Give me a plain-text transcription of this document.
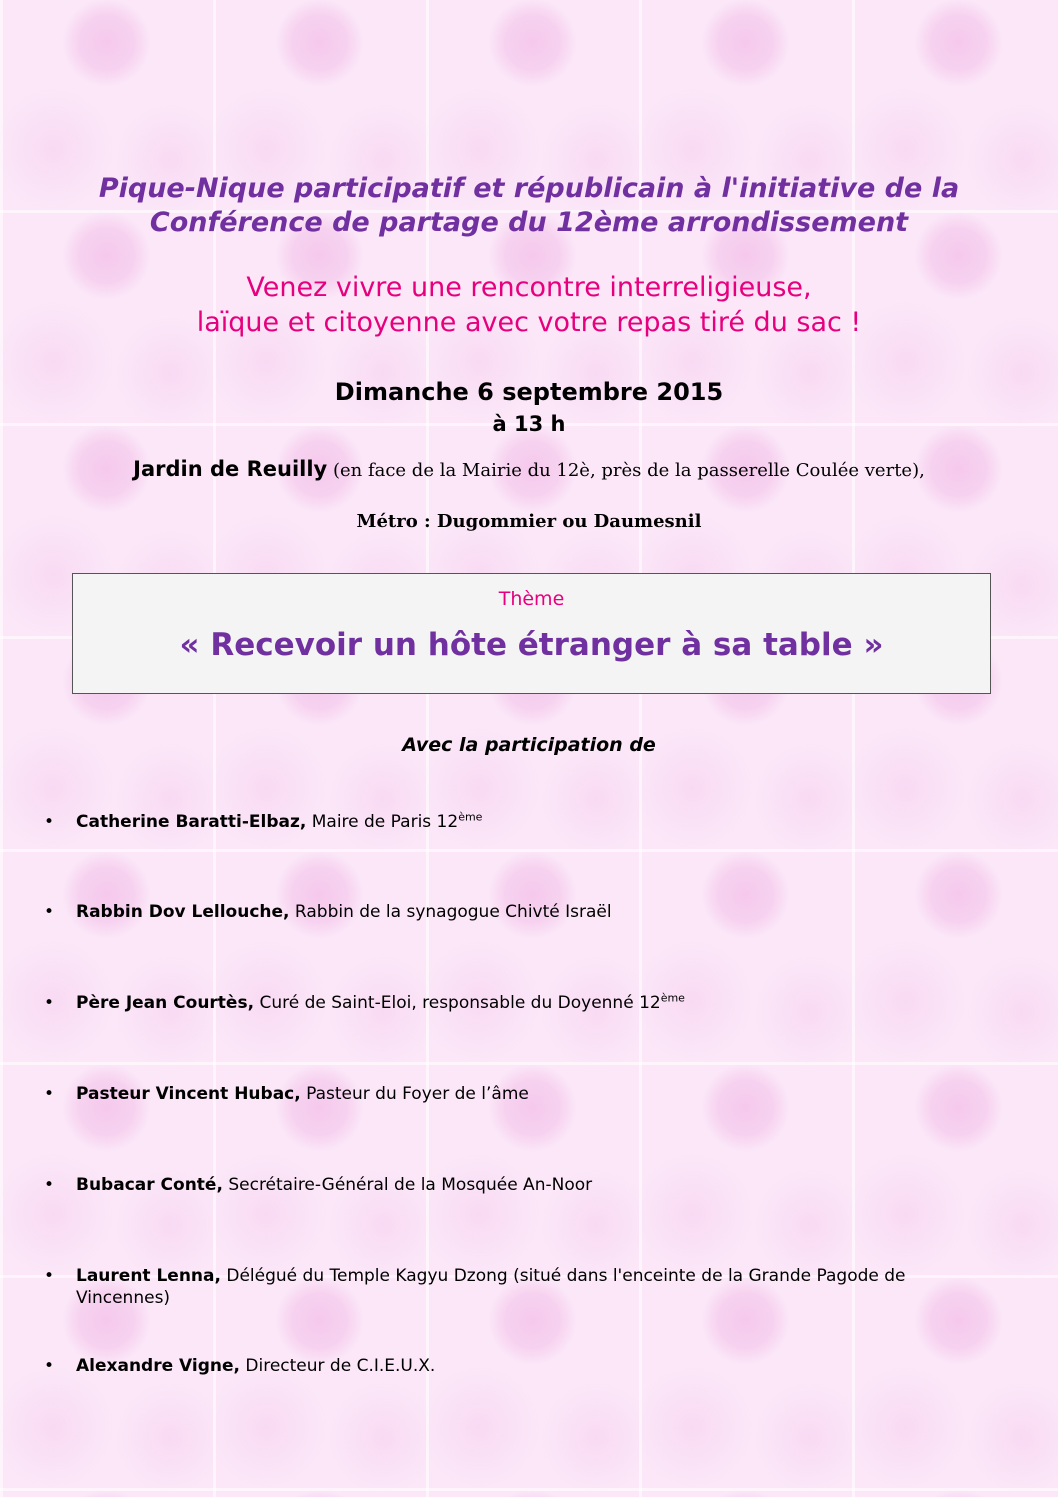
Pique-Nique participatif et républicain à l'initiative de la
Conférence de partage du 12ème arrondissement

Venez vivre une rencontre interreligieuse,
laïque et citoyenne avec votre repas tiré du sac !

Dimanche 6 septembre 2015
à 13 h
Jardin de Reuilly (en face de la Mairie du 12è, près de la passerelle Coulée verte),
Métro : Dugommier ou Daumesnil
Thème
« Recevoir un hôte étranger à sa table »
Avec la participation de
• Catherine Baratti-Elbaz, Maire de Paris 12ème
• Rabbin Dov Lellouche, Rabbin de la synagogue Chivté Israël
• Père Jean Courtès, Curé de Saint-Eloi, responsable du Doyenné 12ème
• Pasteur Vincent Hubac, Pasteur du Foyer de l’âme
• Bubacar Conté, Secrétaire-Général de la Mosquée An-Noor
• Laurent Lenna, Délégué du Temple Kagyu Dzong (situé dans l'enceinte de la Grande Pagode de Vincennes)
• Alexandre Vigne, Directeur de C.I.E.U.X.
